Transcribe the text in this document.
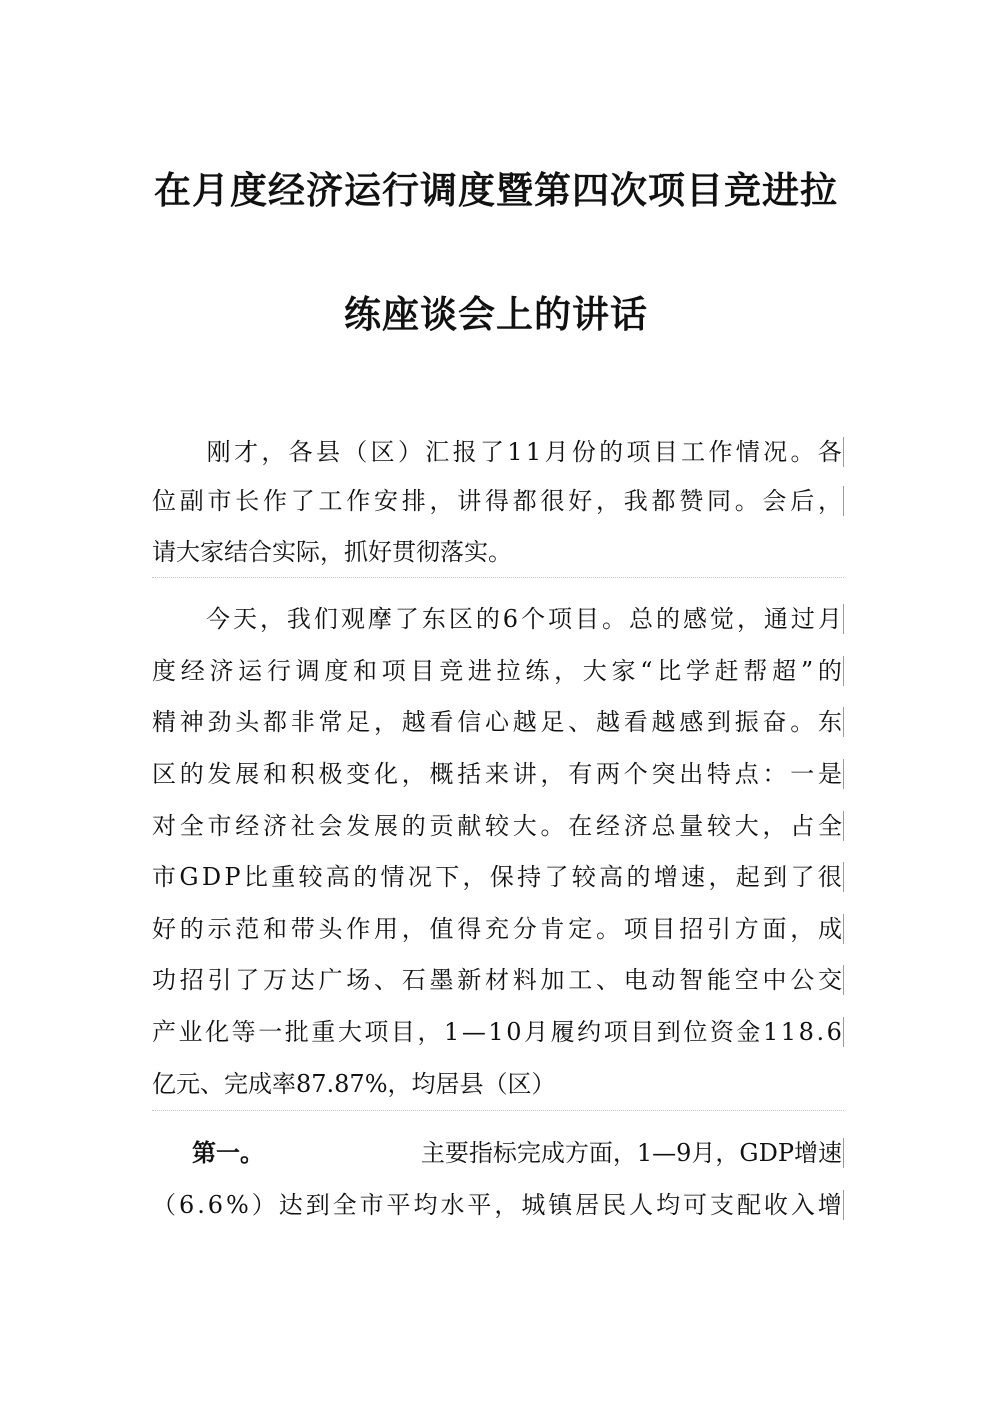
在月度经济运行调度暨第四次项目竞进拉
练座谈会上的讲话

刚 才 ， 各 县 （ 区 ） 汇 报 了 1 1 月 份 的 项 目 工 作 情 况 。 各
位 副 市 长 作 了 工 作 安 排 ， 讲 得 都 很 好 ， 我 都 赞 同 。 会 后 ，
请大家结合实际，抓好贯彻落实。

今 天 ， 我 们 观 摩 了 东 区 的 6 个 项 目 。 总 的 感 觉 ， 通 过 月
度 经 济 运 行 调 度 和 项 目 竞 进 拉 练 ， 大 家 “ 比 学 赶 帮 超 ” 的
精 神 劲 头 都 非 常 足 ， 越 看 信 心 越 足 、 越 看 越 感 到 振 奋 。 东
区 的 发 展 和 积 极 变 化 ， 概 括 来 讲 ， 有 两 个 突 出 特 点 ： 一 是
对 全 市 经 济 社 会 发 展 的 贡 献 较 大 。 在 经 济 总 量 较 大 ， 占 全
市 G D P 比 重 较 高 的 情 况 下 ， 保 持 了 较 高 的 增 速 ， 起 到 了 很
好 的 示 范 和 带 头 作 用 ， 值 得 充 分 肯 定 。 项 目 招 引 方 面 ， 成
功 招 引 了 万 达 广 场 、 石 墨 新 材 料 加 工 、 电 动 智 能 空 中 公 交
产 业 化 等 一 批 重 大 项 目 ， 1 — 1 0 月 履 约 项 目 到 位 资 金 1 1 8 . 6
亿元、完成率87.87%，均居县（区）
第一。	主要指标完成方面，1—9月，GDP增速
（ 6 . 6 % ） 达 到 全 市 平 均 水 平 ， 城 镇 居 民 人 均 可 支 配 收 入 增
